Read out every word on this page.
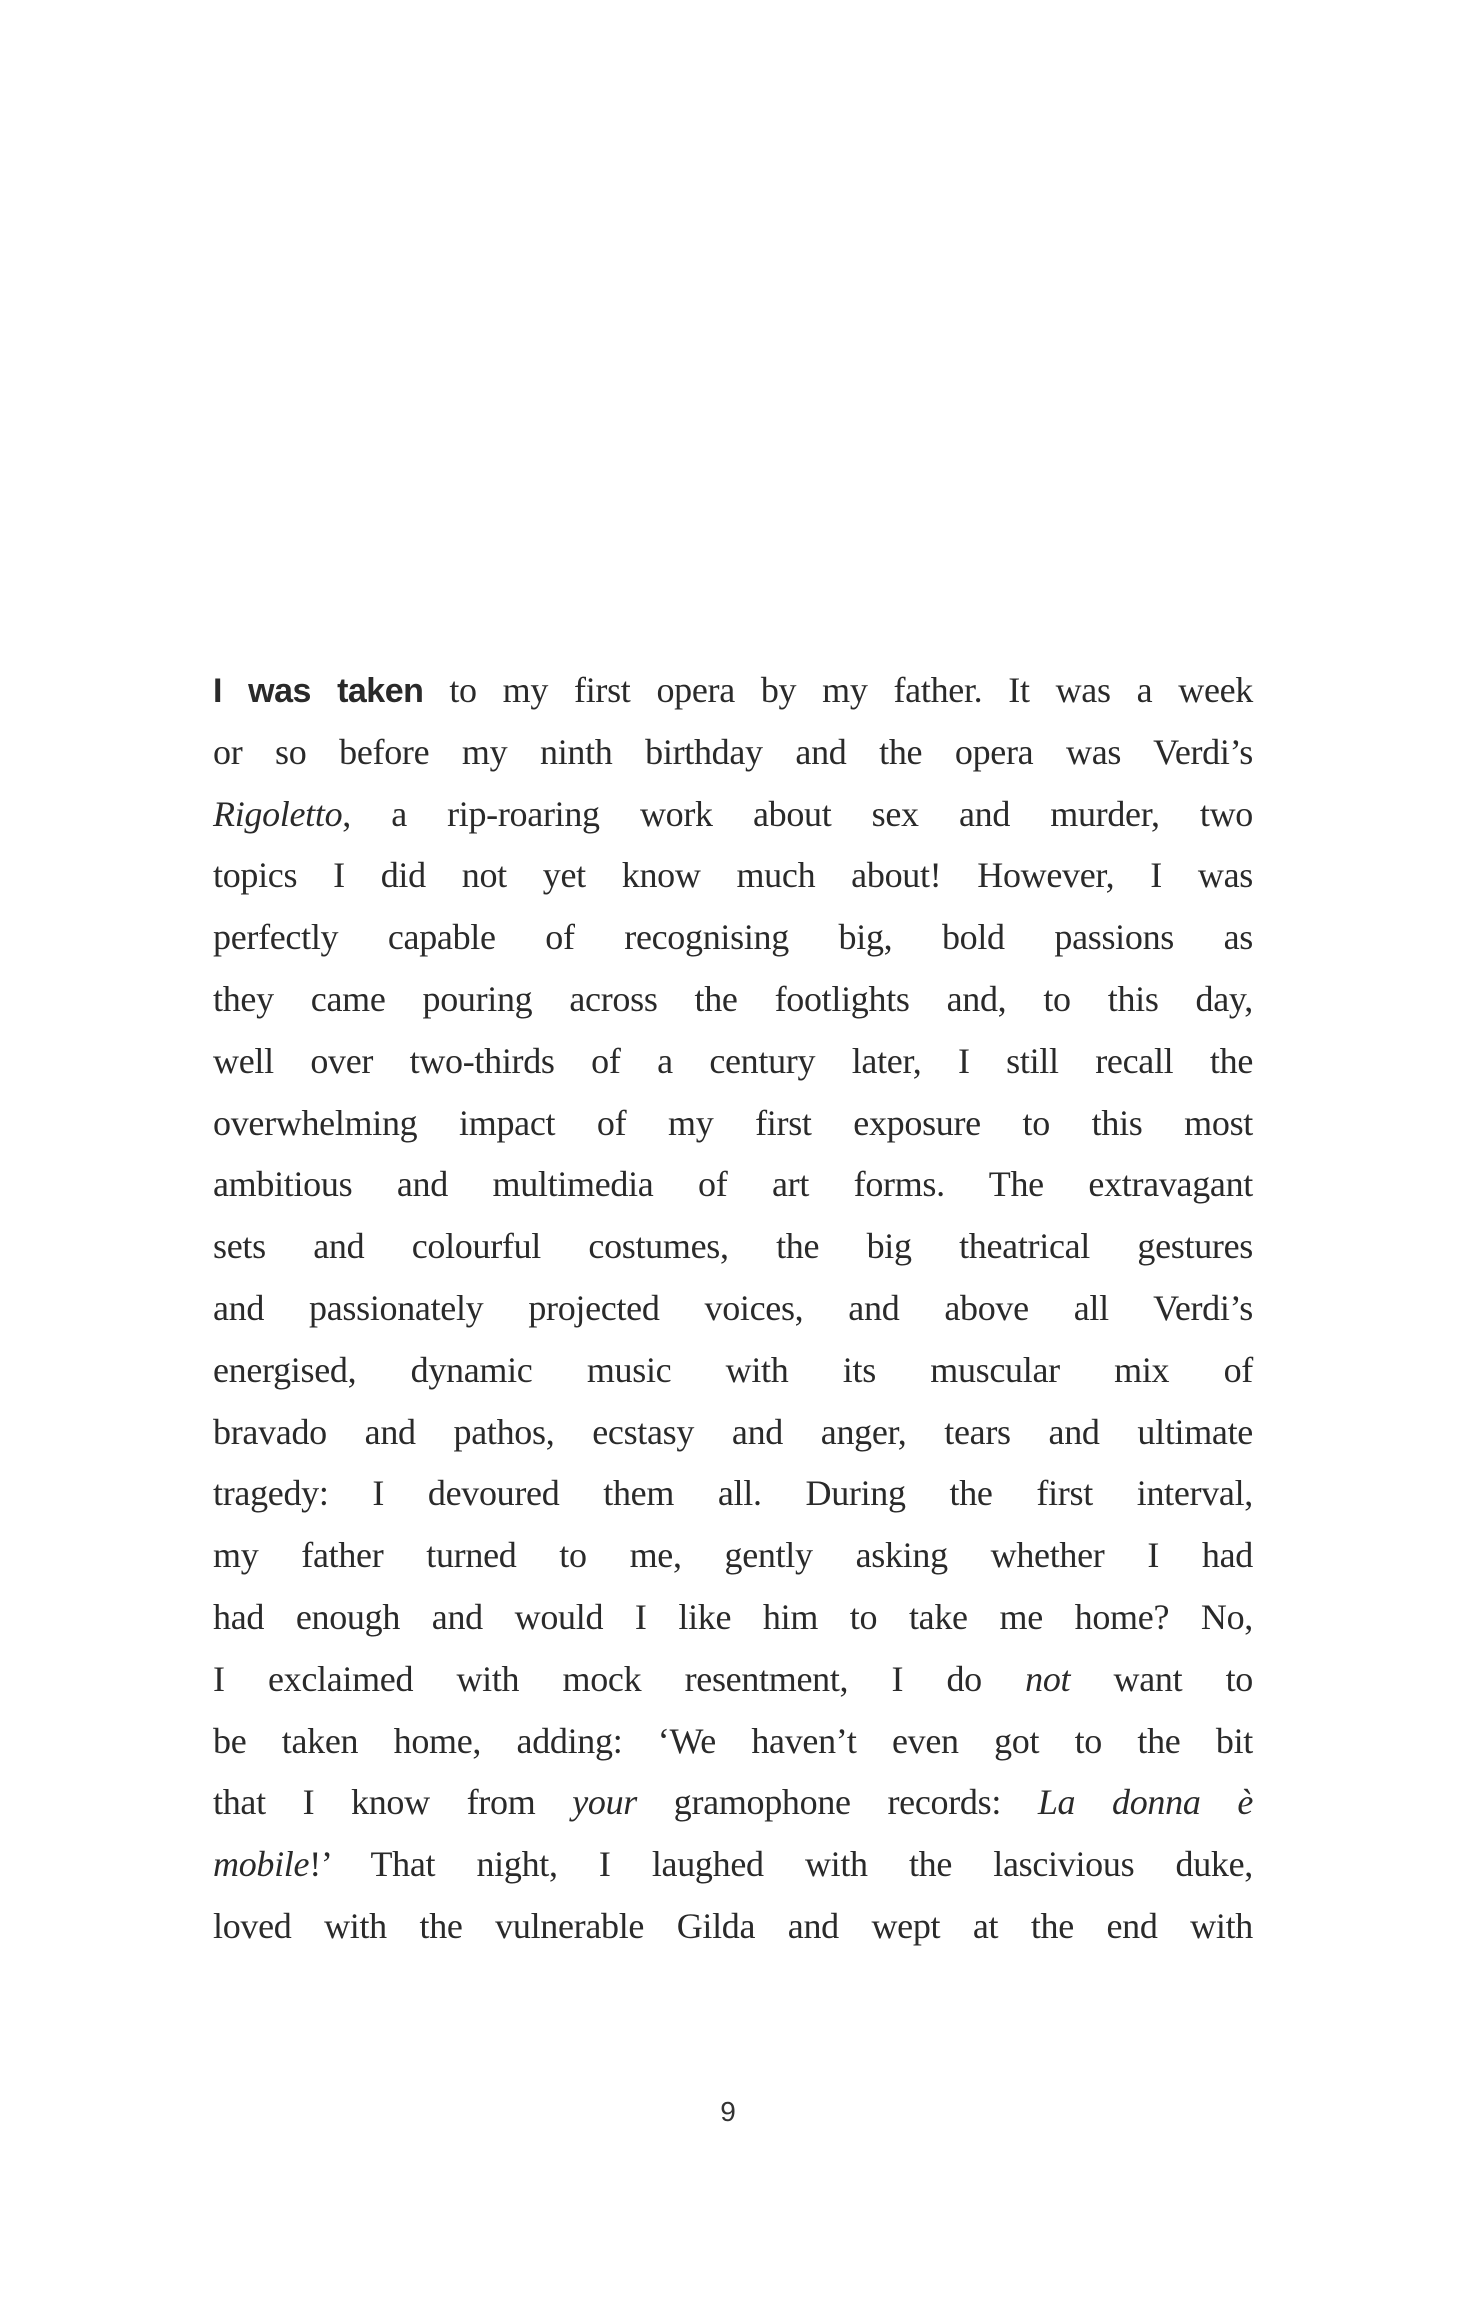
I was taken to my first opera by my father. It was a week
or so before my ninth birthday and the opera was Verdi’s
Rigoletto, a rip-roaring work about sex and murder, two
topics I did not yet know much about! However, I was
perfectly capable of recognising big, bold passions as
they came pouring across the footlights and, to this day,
well over two-thirds of a century later, I still recall the
overwhelming impact of my first exposure to this most
ambitious and multimedia of art forms. The extravagant
sets and colourful costumes, the big theatrical gestures
and passionately projected voices, and above all Verdi’s
energised, dynamic music with its muscular mix of
bravado and pathos, ecstasy and anger, tears and ultimate
tragedy: I devoured them all. During the first interval,
my father turned to me, gently asking whether I had
had enough and would I like him to take me home? No,
I exclaimed with mock resentment, I do not want to
be taken home, adding: ‘We haven’t even got to the bit
that I know from your gramophone records: La donna è
mobile!’ That night, I laughed with the lascivious duke,
loved with the vulnerable Gilda and wept at the end with
9
